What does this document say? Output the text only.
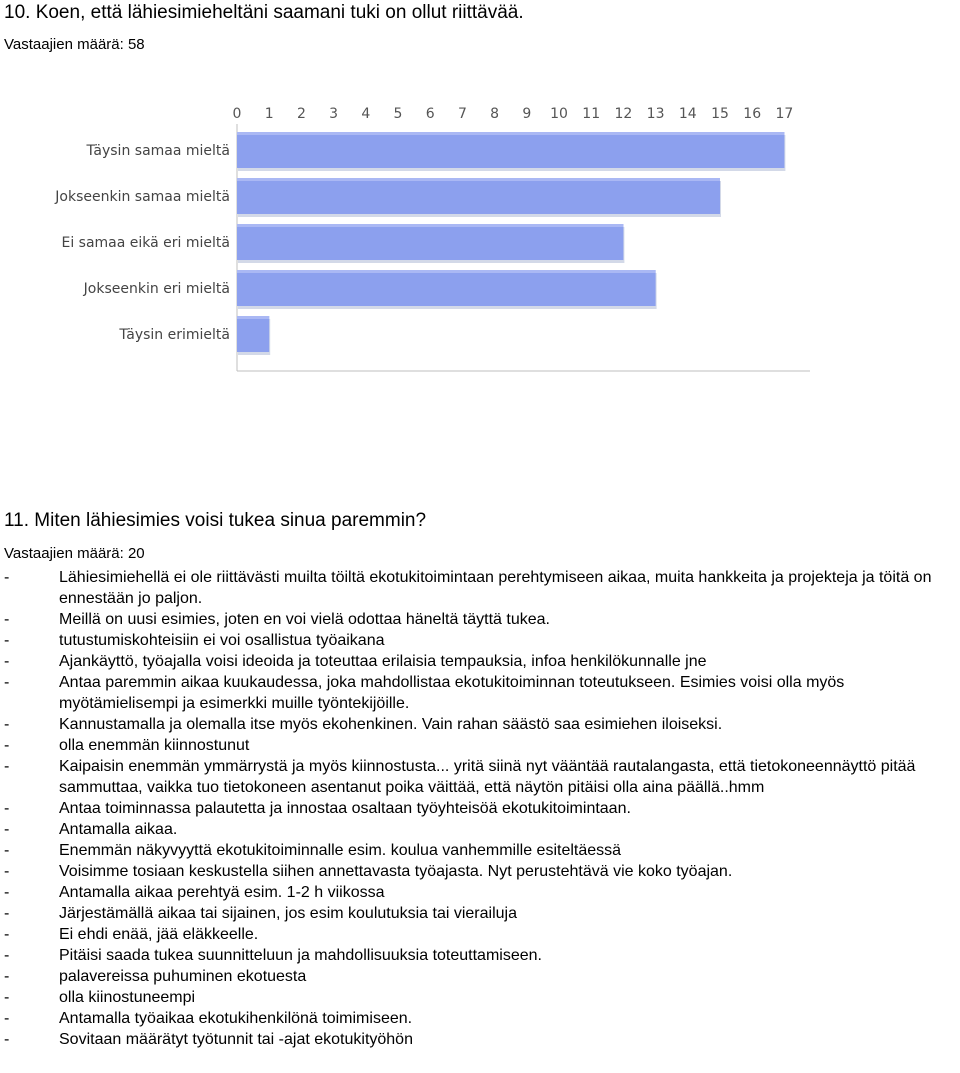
10. Koen, että lähiesimieheltäni saamani tuki on ollut riittävää.
Vastaajien määrä: 58
0 1 2 3 4 5 6 7 8 9 10 11 12 13 14 15 16 17
Täysin samaa mieltä
Jokseenkin samaa mieltä
Ei samaa eikä eri mieltä
Jokseenkin eri mieltä
Täysin erimieltä
11. Miten lähiesimies voisi tukea sinua paremmin?
Vastaajien määrä: 20
-	Lähiesimiehellä ei ole riittävästi muilta töiltä ekotukitoimintaan perehtymiseen aikaa, muita hankkeita ja projekteja ja töitä on ennestään jo paljon.
-	Meillä on uusi esimies, joten en voi vielä odottaa häneltä täyttä tukea.
-	tutustumiskohteisiin ei voi osallistua työaikana
-	Ajankäyttö, työajalla voisi ideoida ja toteuttaa erilaisia tempauksia, infoa henkilökunnalle jne
-	Antaa paremmin aikaa kuukaudessa, joka mahdollistaa ekotukitoiminnan toteutukseen. Esimies voisi olla myös myötämielisempi ja esimerkki muille työntekijöille.
-	Kannustamalla ja olemalla itse myös ekohenkinen. Vain rahan säästö saa esimiehen iloiseksi.
-	olla enemmän kiinnostunut
-	Kaipaisin enemmän ymmärrystä ja myös kiinnostusta... yritä siinä nyt vääntää rautalangasta, että tietokoneennäyttö pitää sammuttaa, vaikka tuo tietokoneen asentanut poika väittää, että näytön pitäisi olla aina päällä..hmm
-	Antaa toiminnassa palautetta ja innostaa osaltaan työyhteisöä ekotukitoimintaan.
-	Antamalla aikaa.
-	Enemmän näkyvyyttä ekotukitoiminnalle esim. koulua vanhemmille esiteltäessä
-	Voisimme tosiaan keskustella siihen annettavasta työajasta. Nyt perustehtävä vie koko työajan.
-	Antamalla aikaa perehtyä esim. 1-2 h viikossa
-	Järjestämällä aikaa tai sijainen, jos esim koulutuksia tai vierailuja
-	Ei ehdi enää, jää eläkkeelle.
-	Pitäisi saada tukea suunnitteluun ja mahdollisuuksia toteuttamiseen.
-	palavereissa puhuminen ekotuesta
-	olla kiinostuneempi
-	Antamalla työaikaa ekotukihenkilönä toimimiseen.
-	Sovitaan määrätyt työtunnit tai -ajat ekotukityöhön
